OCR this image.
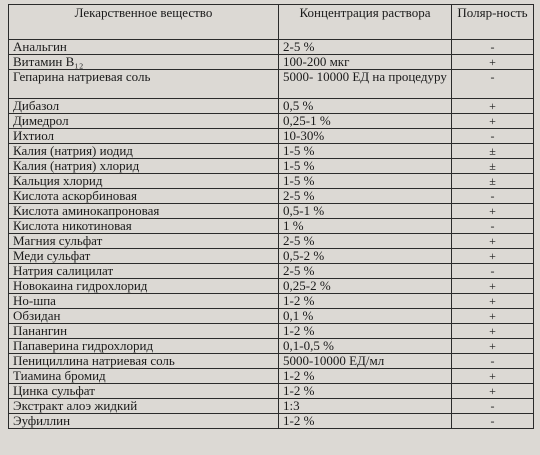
Лекарственное вещество	Концентрация раствора	Поляр-ность
Анальгин	2-5 %	-
Витамин В₁₂	100-200 мкг	+
Гепарина натриевая соль	5000- 10000 ЕД на процедуру	-
Дибазол	0,5 %	+
Димедрол	0,25-1 %	+
Ихтиол	10-30%	-
Калия (натрия) иодид	1-5 %	±
Калия (натрия) хлорид	1-5 %	±
Кальция хлорид	1-5 %	±
Кислота аскорбиновая	2-5 %	-
Кислота аминокапроновая	0,5-1 %	+
Кислота никотиновая	1 %	-
Магния сульфат	2-5 %	+
Меди сульфат	0,5-2 %	+
Натрия салицилат	2-5 %	-
Новокаина гидрохлорид	0,25-2 %	+
Но-шпа	1-2 %	+
Обзидан	0,1 %	+
Панангин	1-2 %	+
Папаверина гидрохлорид	0,1-0,5 %	+
Пенициллина натриевая соль	5000-10000 ЕД/мл	-
Тиамина бромид	1-2 %	+
Цинка сульфат	1-2 %	+
Экстракт алоэ жидкий	1:3	-
Эуфиллин	1-2 %	-
